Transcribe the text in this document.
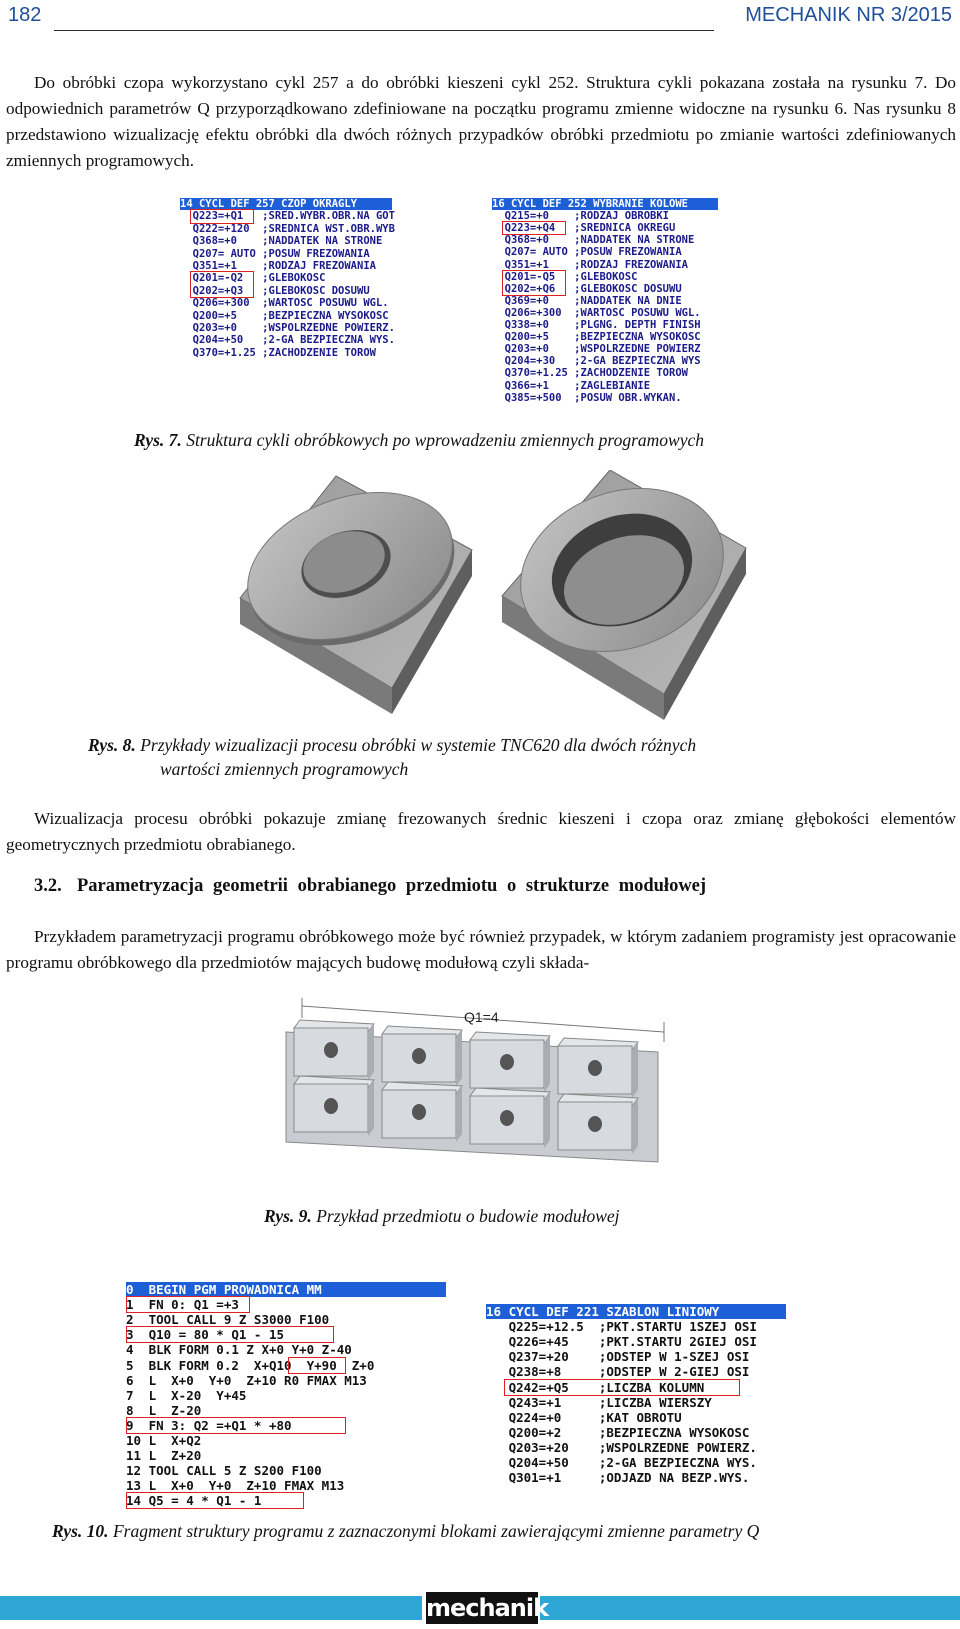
182	MECHANIK NR 3/2015
Do obróbki czopa wykorzystano cykl 257 a do obróbki kieszeni cykl 252. Struktura cykli pokazana została na rysunku 7. Do odpowiednich parametrów Q przyporządkowano zdefiniowane na początku programu zmienne widoczne na rysunku 6. Nas rysunku 8 przedstawiono wizualizację efektu obróbki dla dwóch różnych przypadków obróbki przedmiotu po zmianie wartości zdefiniowanych zmiennych programowych.
14 CYCL DEF 257 CZOP OKRAGLY
Q223=+Q1   ;SRED.WYBR.OBR.NA GOT
Q222=+120  ;SREDNICA WST.OBR.WYB
Q368=+0    ;NADDATEK NA STRONE
Q207= AUTO ;POSUW FREZOWANIA
Q351=+1    ;RODZAJ FREZOWANIA
Q201=-Q2   ;GLEBOKOSC
Q202=+Q3   ;GLEBOKOSC DOSUWU
Q206=+300  ;WARTOSC POSUWU WGL.
Q200=+5    ;BEZPIECZNA WYSOKOSC
Q203=+0    ;WSPOLRZEDNE POWIERZ.
Q204=+50   ;2-GA BEZPIECZNA WYS.
Q370=+1.25 ;ZACHODZENIE TOROW
16 CYCL DEF 252 WYBRANIE KOLOWE
Q215=+0    ;RODZAJ OBROBKI
Q223=+Q4   ;SREDNICA OKREGU
Q368=+0    ;NADDATEK NA STRONE
Q207= AUTO ;POSUW FREZOWANIA
Q351=+1    ;RODZAJ FREZOWANIA
Q201=-Q5   ;GLEBOKOSC
Q202=+Q6   ;GLEBOKOSC DOSUWU
Q369=+0    ;NADDATEK NA DNIE
Q206=+300  ;WARTOSC POSUWU WGL.
Q338=+0    ;PLGNG. DEPTH FINISH
Q200=+5    ;BEZPIECZNA WYSOKOSC
Q203=+0    ;WSPOLRZEDNE POWIERZ
Q204=+30   ;2-GA BEZPIECZNA WYS
Q370=+1.25 ;ZACHODZENIE TOROW
Q366=+1    ;ZAGLEBIANIE
Q385=+500  ;POSUW OBR.WYKAN.
Rys. 7. Struktura cykli obróbkowych po wprowadzeniu zmiennych programowych
Rys. 8. Przykłady wizualizacji procesu obróbki w systemie TNC620 dla dwóch różnych
wartości zmiennych programowych
Wizualizacja procesu obróbki pokazuje zmianę frezowanych średnic kieszeni i czopa oraz zmianę głębokości elementów geometrycznych przedmiotu obrabianego.
3.2. Parametryzacja geometrii obrabianego przedmiotu o strukturze modułowej
Przykładem parametryzacji programu obróbkowego może być również przypadek, w którym zadaniem programisty jest opracowanie programu obróbkowego dla przedmiotów mających budowę modułową czyli składa-
Q1=4
Rys. 9. Przykład przedmiotu o budowie modułowej
0  BEGIN PGM PROWADNICA MM
1  FN 0: Q1 =+3
2  TOOL CALL 9 Z S3000 F100
3  Q10 = 80 * Q1 - 15
4  BLK FORM 0.1 Z X+0 Y+0 Z-40
5  BLK FORM 0.2  X+Q10  Y+90  Z+0
6  L  X+0  Y+0  Z+10 R0 FMAX M13
7  L  X-20  Y+45
8  L  Z-20
9  FN 3: Q2 =+Q1 * +80
10 L  X+Q2
11 L  Z+20
12 TOOL CALL 5 Z S200 F100
13 L  X+0  Y+0  Z+10 FMAX M13
14 Q5 = 4 * Q1 - 1
16 CYCL DEF 221 SZABLON LINIOWY
Q225=+12.5  ;PKT.STARTU 1SZEJ OSI
Q226=+45    ;PKT.STARTU 2GIEJ OSI
Q237=+20    ;ODSTEP W 1-SZEJ OSI
Q238=+8     ;ODSTEP W 2-GIEJ OSI
Q242=+Q5    ;LICZBA KOLUMN
Q243=+1     ;LICZBA WIERSZY
Q224=+0     ;KAT OBROTU
Q200=+2     ;BEZPIECZNA WYSOKOSC
Q203=+20    ;WSPOLRZEDNE POWIERZ.
Q204=+50    ;2-GA BEZPIECZNA WYS.
Q301=+1     ;ODJAZD NA BEZP.WYS.
Rys. 10. Fragment struktury programu z zaznaczonymi blokami zawierającymi zmienne parametry Q
mechanik
